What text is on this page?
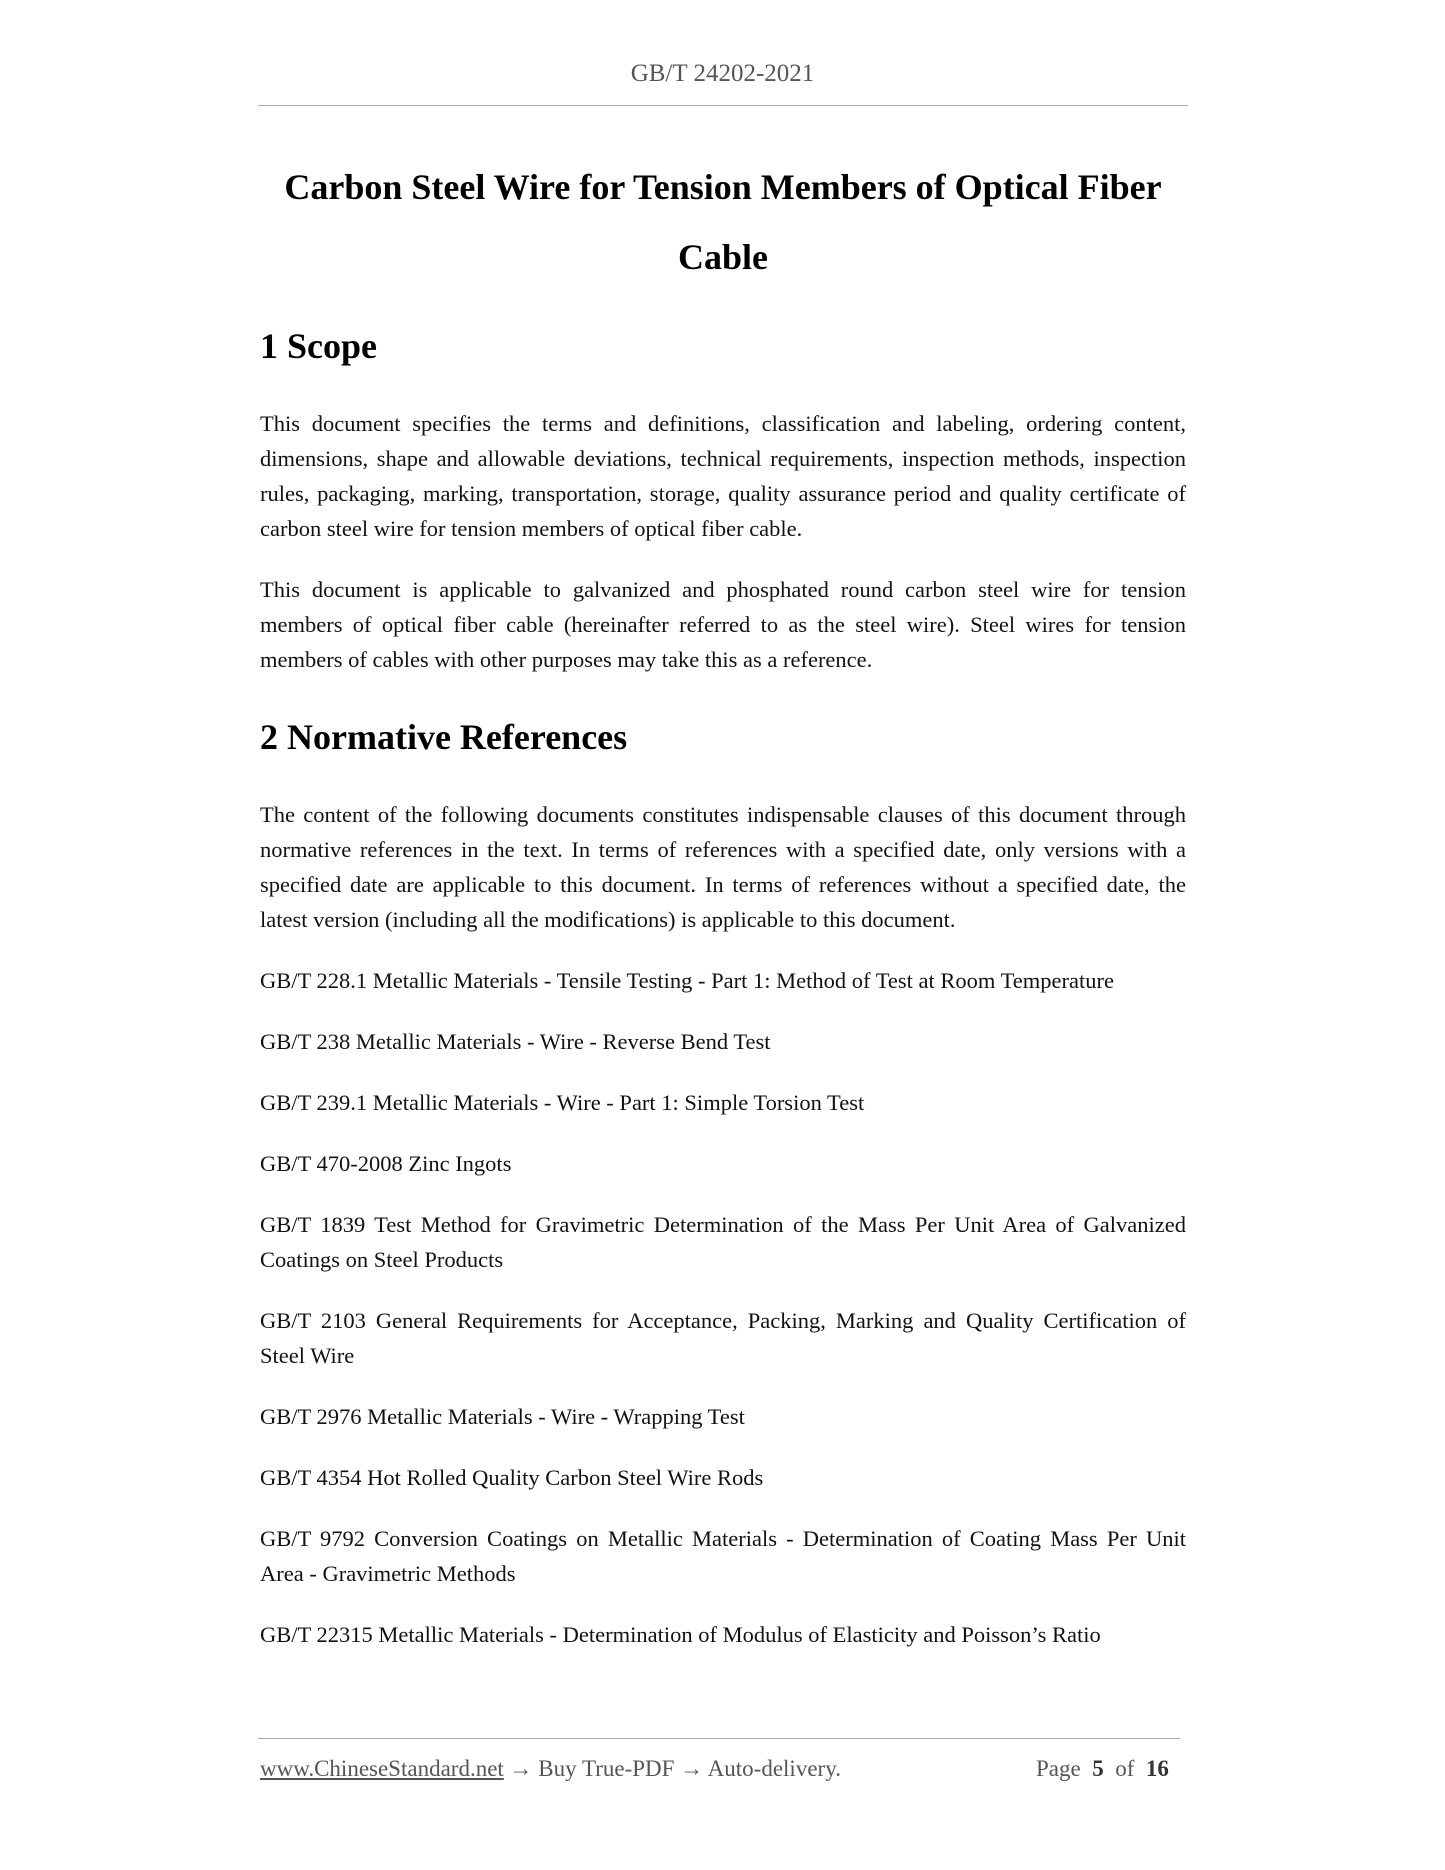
GB/T 24202-2021
Carbon Steel Wire for Tension Members of Optical Fiber
Cable
1 Scope

This document specifies the terms and definitions, classification and labeling, ordering content, dimensions, shape and allowable deviations, technical requirements, inspection methods, inspection rules, packaging, marking, transportation, storage, quality assurance period and quality certificate of carbon steel wire for tension members of optical fiber cable.

This document is applicable to galvanized and phosphated round carbon steel wire for tension members of optical fiber cable (hereinafter referred to as the steel wire). Steel wires for tension members of cables with other purposes may take this as a reference.

2 Normative References

The content of the following documents constitutes indispensable clauses of this document through normative references in the text. In terms of references with a specified date, only versions with a specified date are applicable to this document. In terms of references without a specified date, the latest version (including all the modifications) is applicable to this document.

GB/T 228.1 Metallic Materials - Tensile Testing - Part 1: Method of Test at Room Temperature

GB/T 238 Metallic Materials - Wire - Reverse Bend Test

GB/T 239.1 Metallic Materials - Wire - Part 1: Simple Torsion Test

GB/T 470-2008 Zinc Ingots

GB/T 1839 Test Method for Gravimetric Determination of the Mass Per Unit Area of Galvanized Coatings on Steel Products

GB/T 2103 General Requirements for Acceptance, Packing, Marking and Quality Certification of Steel Wire

GB/T 2976 Metallic Materials - Wire - Wrapping Test

GB/T 4354 Hot Rolled Quality Carbon Steel Wire Rods

GB/T 9792 Conversion Coatings on Metallic Materials - Determination of Coating Mass Per Unit Area - Gravimetric Methods

GB/T 22315 Metallic Materials - Determination of Modulus of Elasticity and Poisson’s Ratio

www.ChineseStandard.net → Buy True-PDF → Auto-delivery.	Page 5 of 16
